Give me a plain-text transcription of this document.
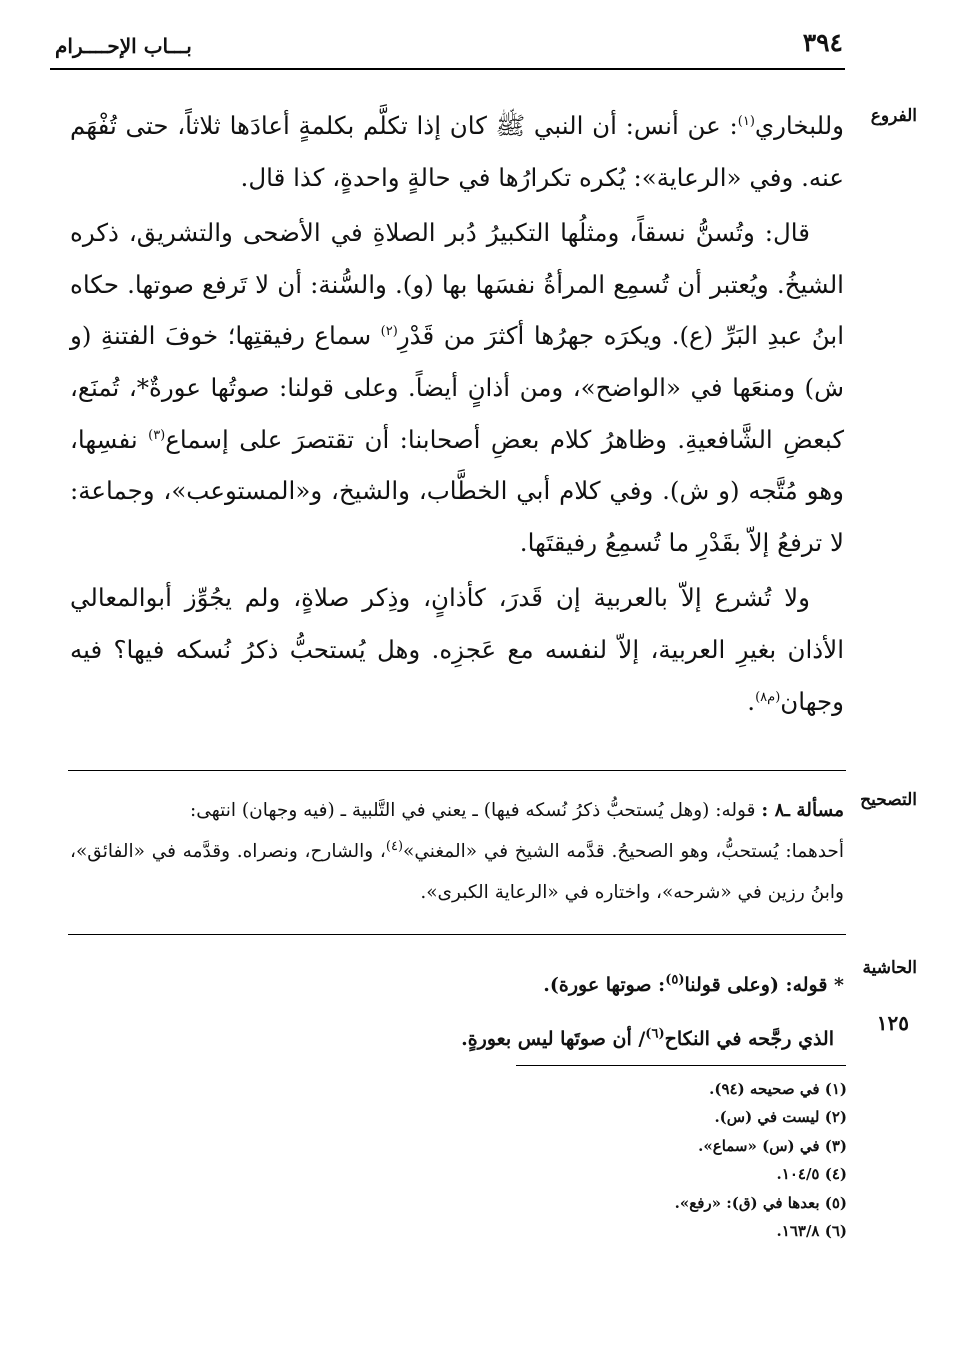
٣٩٤
بـــاب الإحــــرام
الفروع

وللبخاري$^{(١)}$: عن أنس: أن النبي ﷺ كان إذا تكلَّم بكلمةٍ أعادَها ثلاثاً، حتى تُفْهَم عنه. وفي «الرعاية»: يُكره تكرارُها في حالةٍ واحدةٍ، كذا قال.

قال: وتُسنُّ نسقاً، ومثلُها التكبيرُ دُبر الصلاةِ في الأضحى والتشريق، ذكره الشيخُ. ويُعتبر أن تُسمِع المرأةُ نفسَها بها (و). والسُّنة: أن لا تَرفع صوتها. حكاه ابنُ عبدِ البَرِّ (ع). ويكرَه جهرُها أكثرَ من قَدْرِ$^{(٢)}$ سماع رفيقتِها؛ خوفَ الفتنةِ (و ش) ومنعَها في «الواضح»، ومن أذانٍ أيضاً. وعلى قولنا: صوتُها عورةٌ*، تُمنَع، كبعضِ الشَّافعيةِ. وظاهرُ كلام بعضِ أصحابنا: أن تقتصرَ على إسماع$^{(٣)}$ نفسِها، وهو مُتَّجه (و ش). وفي كلام أبي الخطَّاب، والشيخ، و«المستوعب»، وجماعة: لا ترفعُ إلاّ بقَدْرِ ما تُسمِعُ رفيقتَها.

ولا تُشرع إلاّ بالعربية إن قَدرَ، كأذانٍ، وذِكر صلاةٍ، ولم يجُوِّز أبوالمعالي الأذان بغيرِ العربية، إلاّ لنفسه مع عَجزِه. وهل يُستحبُّ ذكرُ نُسكه فيها؟ فيه وجهان$^{(م٨)}$.

التصحيح

مسألة ـ٨ : قوله: (وهل يُستحبُّ ذكرُ نُسكه فيها) ـ يعني في التَّلبية ـ (فيه وجهان) انتهى:

أحدهما: يُستحبُّ، وهو الصحيحُ. قدَّمه الشيخ في «المغني»$^{(٤)}$، والشارح، ونصراه. وقدَّمه في «الفائق»، وابنُ رزين في «شرحه»، واختاره في «الرعاية الكبرى».

الحاشية

* قوله: (وعلى قولنا$^{(٥)}$: صوتها عورة).

الذي رجَّحه في النكاح$^{(٦)}$/ أن صوتَها ليس بعورةٍ.

١٢٥
(١) في صحيحه (٩٤).
(٢) ليست في (س).
(٣) في (س) «سماع».
(٤) ١٠٤/٥.
(٥) بعدها في (ق): «رفع».
(٦) ١٦٣/٨.
